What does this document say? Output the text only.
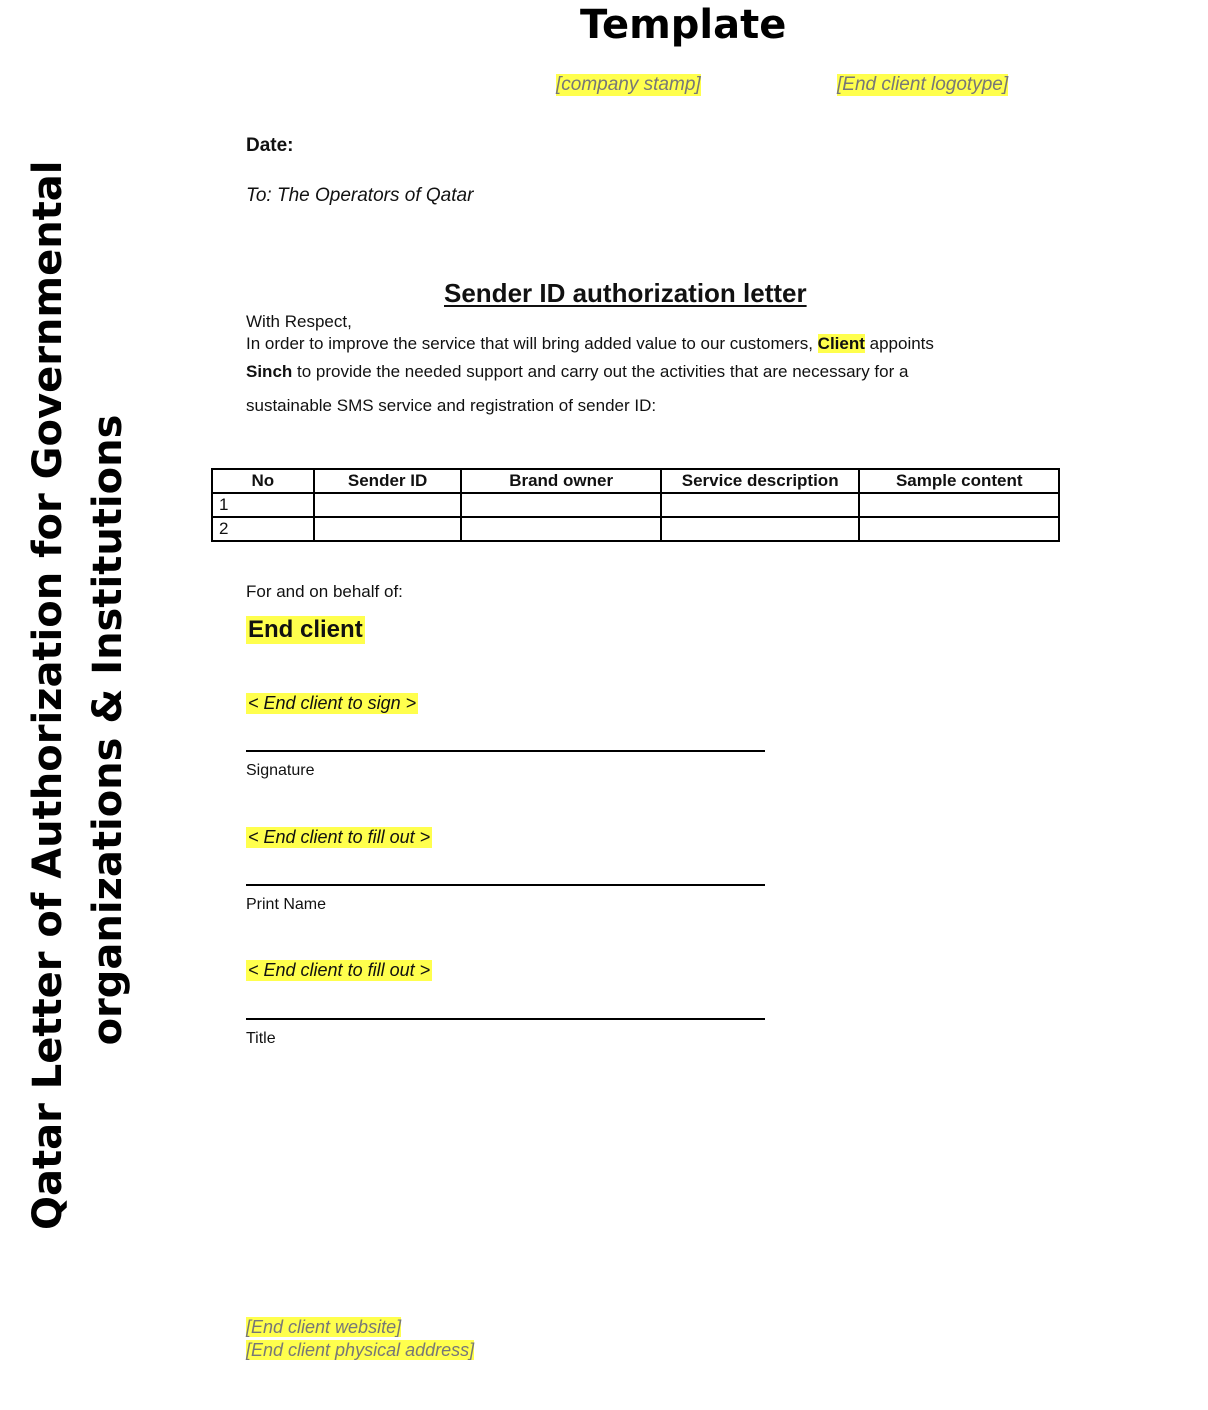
Qatar Letter of Authorization for Governmental organizations & Institutions
Template
[company stamp]	[End client logotype]
Date:
To: The Operators of Qatar
Sender ID authorization letter
With Respect,
In order to improve the service that will bring added value to our customers, Client appoints
Sinch to provide the needed support and carry out the activities that are necessary for a
sustainable SMS service and registration of sender ID:
No	Sender ID	Brand owner	Service description	Sample content
1				
2				
For and on behalf of:
End client
< End client to sign >
Signature
< End client to fill out >
Print Name
< End client to fill out >
Title
[End client website]
[End client physical address]
